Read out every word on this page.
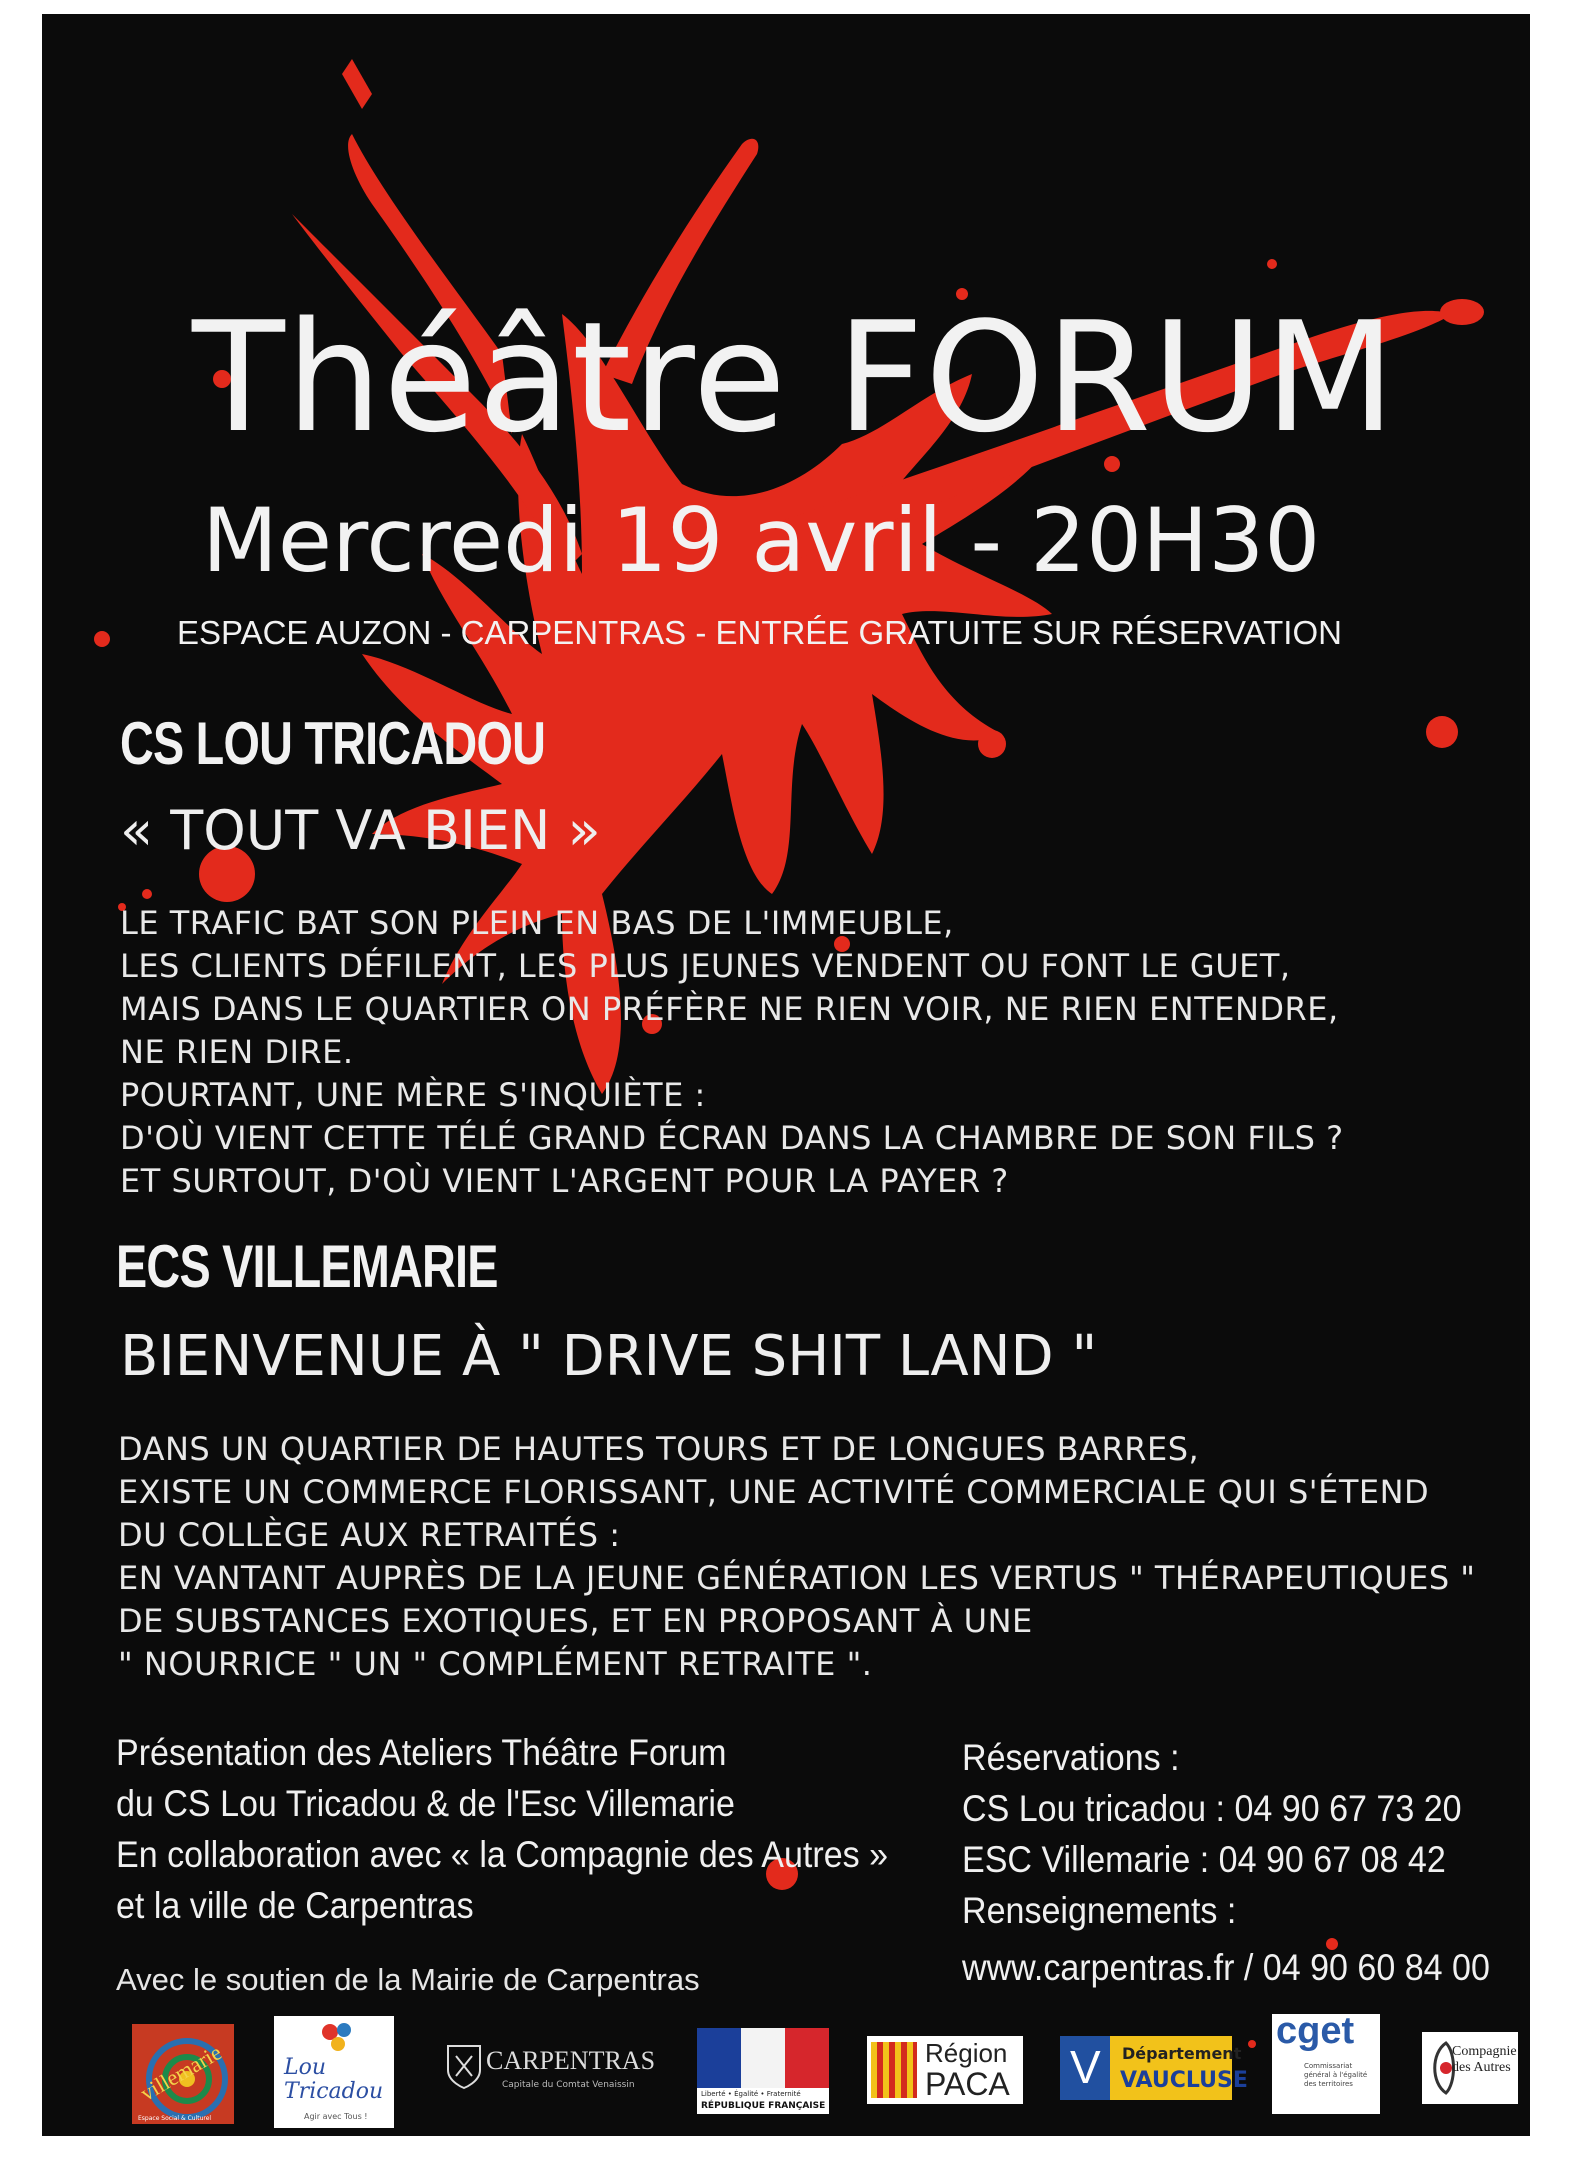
Théâtre FORUM
Mercredi 19 avril - 20H30
ESPACE AUZON - CARPENTRAS - ENTRÉE GRATUITE SUR RÉSERVATION
CS LOU TRICADOU
« TOUT VA BIEN »
LE TRAFIC BAT SON PLEIN EN BAS DE L'IMMEUBLE,
LES CLIENTS DÉFILENT, LES PLUS JEUNES VENDENT OU FONT LE GUET,
MAIS DANS LE QUARTIER ON PRÉFÈRE NE RIEN VOIR, NE RIEN ENTENDRE,
NE RIEN DIRE.
POURTANT, UNE MÈRE S'INQUIÈTE :
D'OÙ VIENT CETTE TÉLÉ GRAND ÉCRAN DANS LA CHAMBRE DE SON FILS ?
ET SURTOUT, D'OÙ VIENT L'ARGENT POUR LA PAYER ?
ECS VILLEMARIE
BIENVENUE À " DRIVE SHIT LAND "
DANS UN QUARTIER DE HAUTES TOURS ET DE LONGUES BARRES,
EXISTE UN COMMERCE FLORISSANT, UNE ACTIVITÉ COMMERCIALE QUI S'ÉTEND
DU COLLÈGE AUX RETRAITÉS :
EN VANTANT AUPRÈS DE LA JEUNE GÉNÉRATION LES VERTUS " THÉRAPEUTIQUES "
DE SUBSTANCES EXOTIQUES, ET EN PROPOSANT À UNE
" NOURRICE " UN " COMPLÉMENT RETRAITE ".
Présentation des Ateliers Théâtre Forum
du CS Lou Tricadou & de l'Esc Villemarie
En collaboration avec « la Compagnie des Autres »
et la ville de Carpentras
Réservations :
CS Lou tricadou : 04 90 67 73 20
ESC Villemarie : 04 90 67 08 42
Renseignements :
www.carpentras.fr / 04 90 60 84 00
Avec le soutien de la Mairie de Carpentras
villemarie
Espace Social & Culturel
Lou Tricadou
Agir avec Tous !
CARPENTRAS
Capitale du Comtat Venaissin
Liberté • Égalité • Fraternité
RÉPUBLIQUE FRANÇAISE
Région
PACA V Département
VAUCLUSE
cget
Commissariat général à l'égalité des territoires
Compagnie des Autres
